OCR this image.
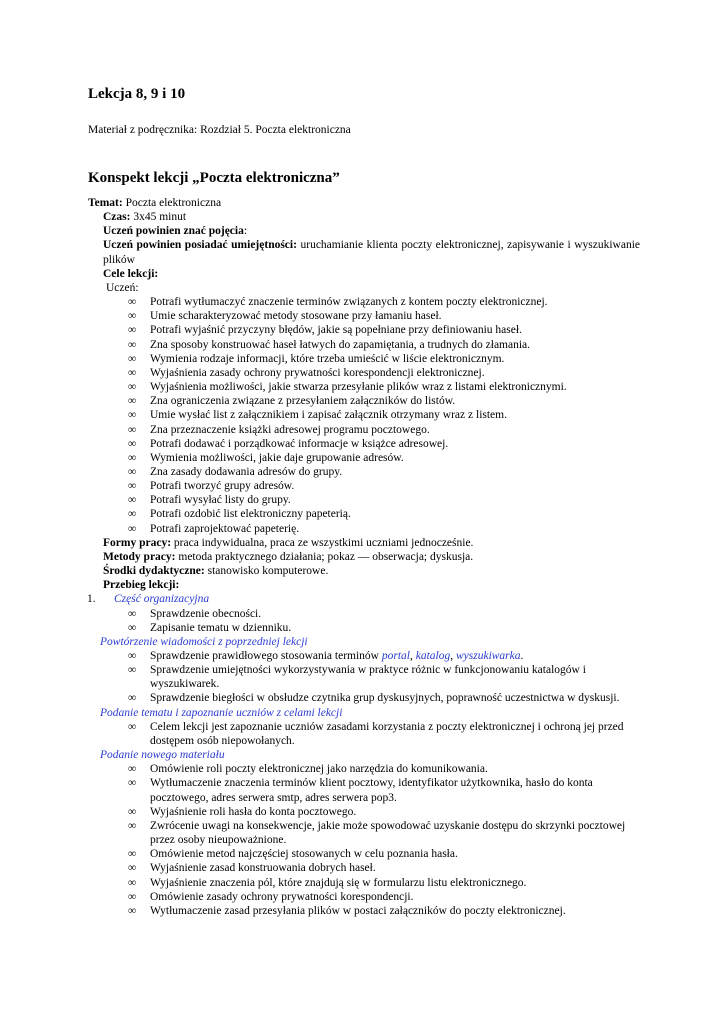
Lekcja 8, 9 i 10
Materiał z podręcznika: Rozdział 5. Poczta elektroniczna
Konspekt lekcji „Poczta elektroniczna”
Temat: Poczta elektroniczna
Czas: 3x45 minut
Uczeń powinien znać pojęcia:
Uczeń powinien posiadać umiejętności: uruchamianie klienta poczty elektronicznej, zapisywanie i wyszukiwanie plików
Cele lekcji:
Uczeń:
∞ Potrafi wytłumaczyć znaczenie terminów związanych z kontem poczty elektronicznej.
∞ Umie scharakteryzować metody stosowane przy łamaniu haseł.
∞ Potrafi wyjaśnić przyczyny błędów, jakie są popełniane przy definiowaniu haseł.
∞ Zna sposoby konstruować haseł łatwych do zapamiętania, a trudnych do złamania.
∞ Wymienia rodzaje informacji, które trzeba umieścić w liście elektronicznym.
∞ Wyjaśnienia zasady ochrony prywatności korespondencji elektronicznej.
∞ Wyjaśnienia możliwości, jakie stwarza przesyłanie plików wraz z listami elektronicznymi.
∞ Zna ograniczenia związane z przesyłaniem załączników do listów.
∞ Umie wysłać list z załącznikiem i zapisać załącznik otrzymany wraz z listem.
∞ Zna przeznaczenie książki adresowej programu pocztowego.
∞ Potrafi dodawać i porządkować informacje w książce adresowej.
∞ Wymienia możliwości, jakie daje grupowanie adresów.
∞ Zna zasady dodawania adresów do grupy.
∞ Potrafi tworzyć grupy adresów.
∞ Potrafi wysyłać listy do grupy.
∞ Potrafi ozdobić list elektroniczny papeterią.
∞ Potrafi zaprojektować papeterię.
Formy pracy: praca indywidualna, praca ze wszystkimi uczniami jednocześnie.
Metody pracy: metoda praktycznego działania; pokaz — obserwacja; dyskusja.
Środki dydaktyczne: stanowisko komputerowe.
Przebieg lekcji:
1. Część organizacyjna
∞ Sprawdzenie obecności.
∞ Zapisanie tematu w dzienniku.
Powtórzenie wiadomości z poprzedniej lekcji
∞ Sprawdzenie prawidłowego stosowania terminów portal, katalog, wyszukiwarka.
∞ Sprawdzenie umiejętności wykorzystywania w praktyce różnic w funkcjonowaniu katalogów i wyszukiwarek.
∞ Sprawdzenie biegłości w obsłudze czytnika grup dyskusyjnych, poprawność uczestnictwa w dyskusji.
Podanie tematu i zapoznanie uczniów z celami lekcji
∞ Celem lekcji jest zapoznanie uczniów zasadami korzystania z poczty elektronicznej i ochroną jej przed dostępem osób niepowołanych.
Podanie nowego materiału
∞ Omówienie roli poczty elektronicznej jako narzędzia do komunikowania.
∞ Wytłumaczenie znaczenia terminów klient pocztowy, identyfikator użytkownika, hasło do konta pocztowego, adres serwera smtp, adres serwera pop3.
∞ Wyjaśnienie roli hasła do konta pocztowego.
∞ Zwrócenie uwagi na konsekwencje, jakie może spowodować uzyskanie dostępu do skrzynki pocztowej przez osoby nieupoważnione.
∞ Omówienie metod najczęściej stosowanych w celu poznania hasła.
∞ Wyjaśnienie zasad konstruowania dobrych haseł.
∞ Wyjaśnienie znaczenia pól, które znajdują się w formularzu listu elektronicznego.
∞ Omówienie zasady ochrony prywatności korespondencji.
∞ Wytłumaczenie zasad przesyłania plików w postaci załączników do poczty elektronicznej.
